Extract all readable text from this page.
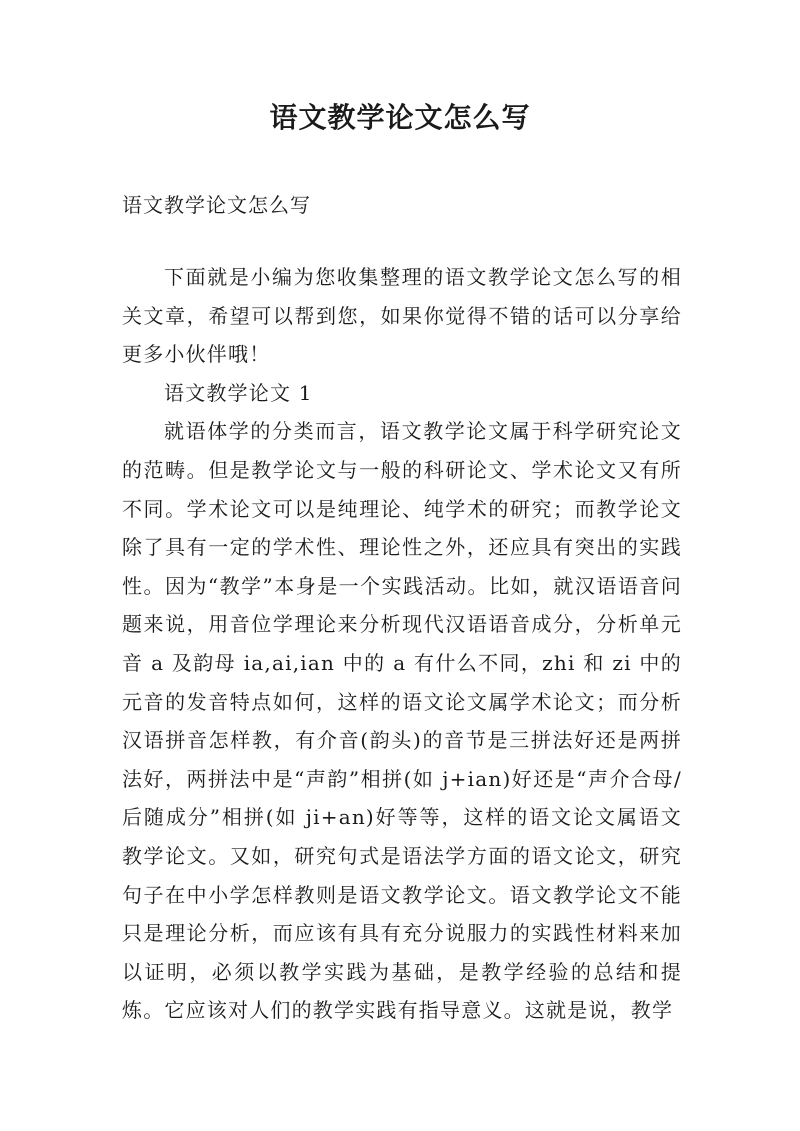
语文教学论文怎么写
语文教学论文怎么写

下面就是小编为您收集整理的语文教学论文怎么写的相关文章，希望可以帮到您，如果你觉得不错的话可以分享给更多小伙伴哦！

语文教学论文 1

就语体学的分类而言，语文教学论文属于科学研究论文的范畴。但是教学论文与一般的科研论文、学术论文又有所不同。学术论文可以是纯理论、纯学术的研究；而教学论文除了具有一定的学术性、理论性之外，还应具有突出的实践性。因为“教学”本身是一个实践活动。比如，就汉语语音问题来说，用音位学理论来分析现代汉语语音成分，分析单元音 a 及韵母 ia,ai,ian 中的 a 有什么不同，zhi 和 zi 中的元音的发音特点如何，这样的语文论文属学术论文；而分析汉语拼音怎样教，有介音(韵头)的音节是三拼法好还是两拼法好，两拼法中是“声韵”相拼(如 j+ian)好还是“声介合母/后随成分”相拼(如 ji+an)好等等，这样的语文论文属语文教学论文。又如，研究句式是语法学方面的语文论文，研究句子在中小学怎样教则是语文教学论文。语文教学论文不能只是理论分析，而应该有具有充分说服力的实践性材料来加以证明，必须以教学实践为基础，是教学经验的总结和提炼。它应该对人们的教学实践有指导意义。这就是说，教学
